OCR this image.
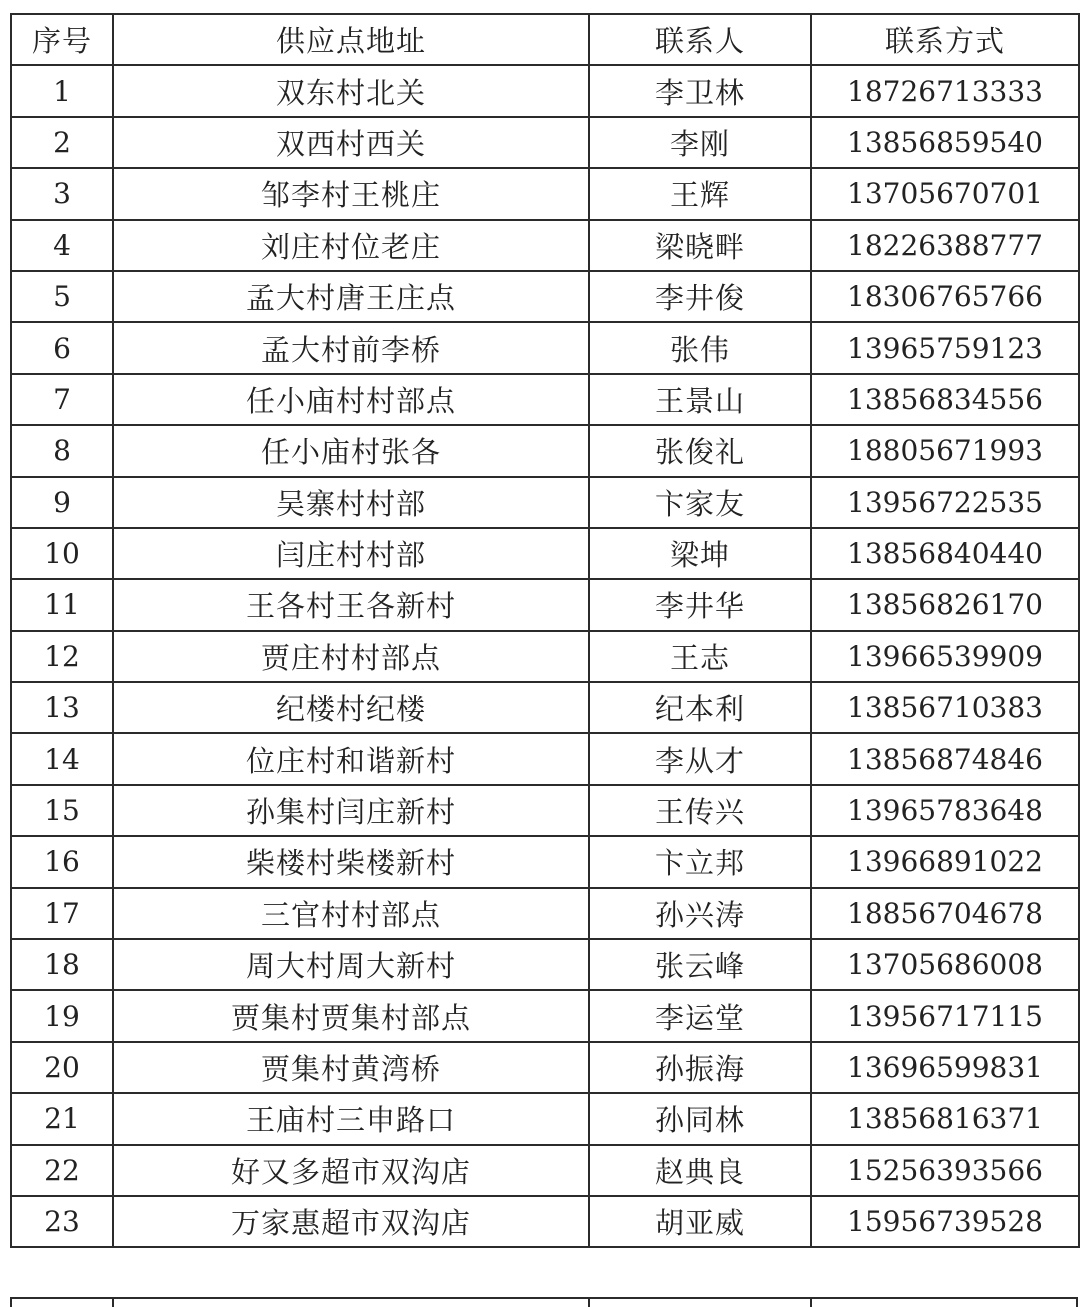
序号	供应点地址	联系人	联系方式
1	双东村北关	李卫林	18726713333
2	双西村西关	李刚	13856859540
3	邹李村王桃庄	王辉	13705670701
4	刘庄村位老庄	梁晓畔	18226388777
5	孟大村唐王庄点	李井俊	18306765766
6	孟大村前李桥	张伟	13965759123
7	任小庙村村部点	王景山	13856834556
8	任小庙村张各	张俊礼	18805671993
9	吴寨村村部	卞家友	13956722535
10	闫庄村村部	梁坤	13856840440
11	王各村王各新村	李井华	13856826170
12	贾庄村村部点	王志	13966539909
13	纪楼村纪楼	纪本利	13856710383
14	位庄村和谐新村	李从才	13856874846
15	孙集村闫庄新村	王传兴	13965783648
16	柴楼村柴楼新村	卞立邦	13966891022
17	三官村村部点	孙兴涛	18856704678
18	周大村周大新村	张云峰	13705686008
19	贾集村贾集村部点	李运堂	13956717115
20	贾集村黄湾桥	孙振海	13696599831
21	王庙村三申路口	孙同林	13856816371
22	好又多超市双沟店	赵典良	15256393566
23	万家惠超市双沟店	胡亚威	15956739528
